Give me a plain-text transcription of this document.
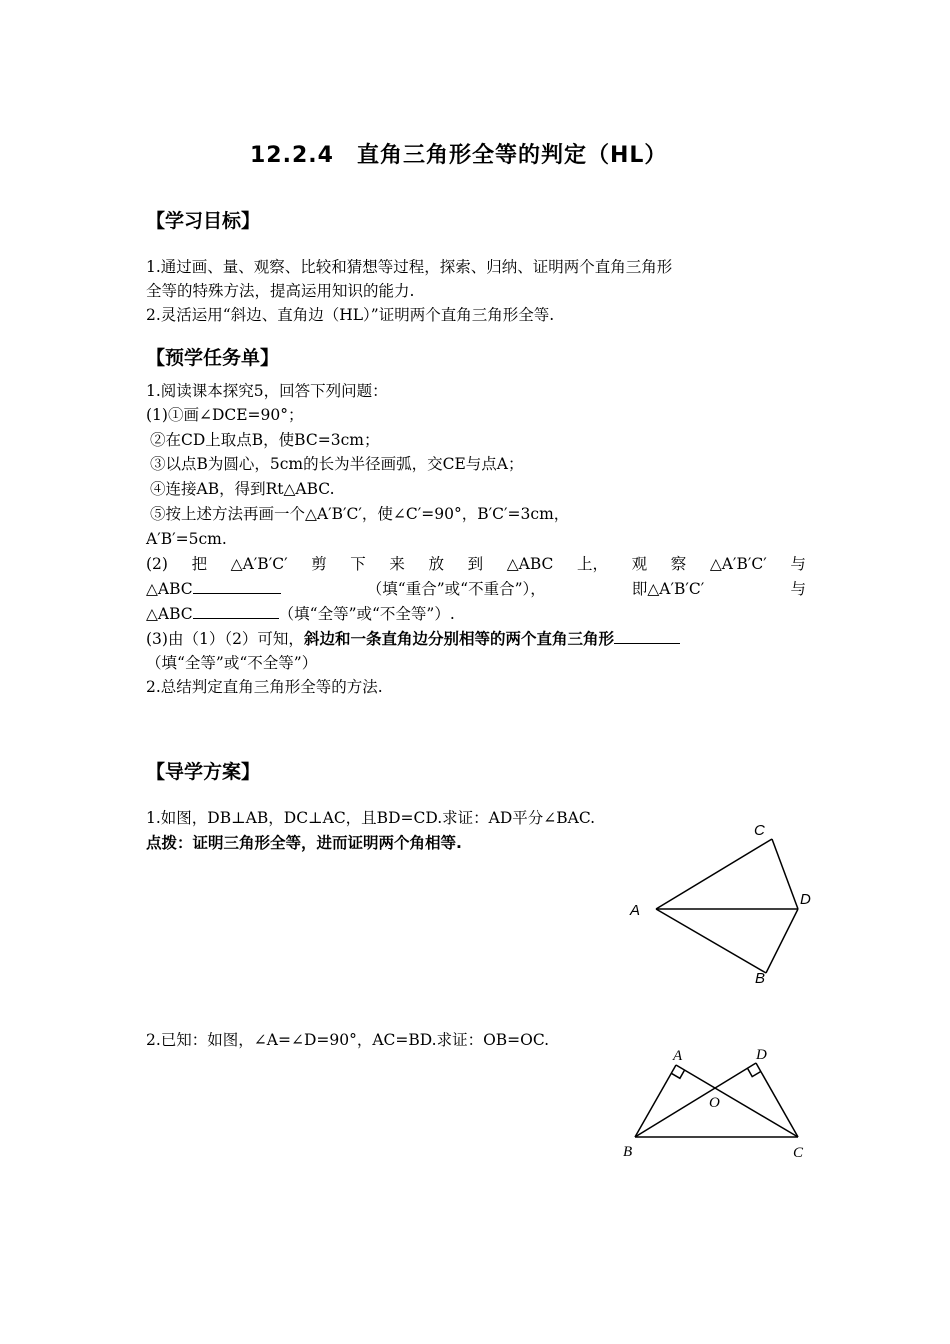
12.2.4　直角三角形全等的判定（HL）
【学习目标】
1.通过画、量、观察、比较和猜想等过程，探索、归纳、证明两个直角三角形
全等的特殊方法，提高运用知识的能力.
2.灵活运用“斜边、直角边（HL）”证明两个直角三角形全等.
【预学任务单】
1.阅读课本探究5，回答下列问题：
(1)①画∠DCE=90°；
②在CD上取点B，使BC=3cm；
③以点B为圆心，5cm的长为半径画弧，交CE与点A；
④连接AB，得到Rt△ABC.
⑤按上述方法再画一个△A′B′C′，使∠C′=90°，B′C′=3cm，
A′B′=5cm.
(2) 把 △A′B′C′ 剪 下 来 放 到 △ABC 上， 观 察 △A′B′C′ 与
△ABC	（填“重合”或“不重合”），	即△A′B′C′	与
△ABC	（填“全等”或“不全等”）.
(3)由（1）（2）可知，斜边和一条直角边分别相等的两个直角三角形
（填“全等”或“不全等”）
2.总结判定直角三角形全等的方法.
【导学方案】
1.如图，DB⊥AB，DC⊥AC，且BD=CD.求证：AD平分∠BAC.
点拨：证明三角形全等，进而证明两个角相等.
2.已知：如图，∠A=∠D=90°，AC=BD.求证：OB=OC.
C
A
D
B
A	D
O
B	C
